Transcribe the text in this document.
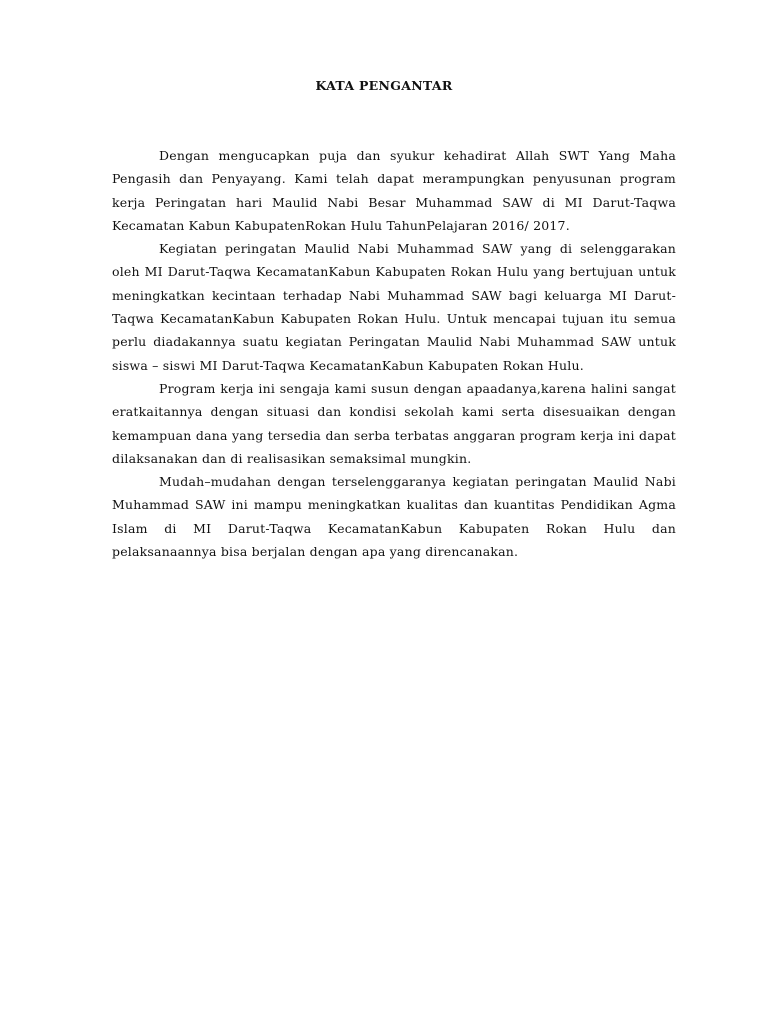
KATA PENGANTAR

Dengan mengucapkan puja dan syukur kehadirat Allah SWT Yang Maha Pengasih dan Penyayang. Kami telah dapat merampungkan penyusunan program kerja Peringatan hari Maulid Nabi Besar Muhammad SAW di MI Darut-Taqwa Kecamatan Kabun KabupatenRokan Hulu TahunPelajaran 2016/ 2017.

Kegiatan peringatan Maulid Nabi Muhammad SAW yang di selenggarakan oleh MI Darut-Taqwa KecamatanKabun Kabupaten Rokan Hulu yang bertujuan untuk meningkatkan kecintaan terhadap Nabi Muhammad SAW bagi keluarga MI Darut-Taqwa KecamatanKabun Kabupaten Rokan Hulu. Untuk mencapai tujuan itu semua perlu diadakannya suatu kegiatan Peringatan Maulid Nabi Muhammad SAW untuk siswa – siswi MI Darut-Taqwa KecamatanKabun Kabupaten Rokan Hulu.

Program kerja ini sengaja kami susun dengan apaadanya,karena halini sangat eratkaitannya dengan situasi dan kondisi sekolah kami serta disesuaikan dengan kemampuan dana yang tersedia dan serba terbatas anggaran program kerja ini dapat dilaksanakan dan di realisasikan semaksimal mungkin.

Mudah–mudahan dengan terselenggaranya kegiatan peringatan Maulid Nabi Muhammad SAW ini mampu meningkatkan kualitas dan kuantitas Pendidikan Agma Islam di MI Darut-Taqwa KecamatanKabun Kabupaten Rokan Hulu dan pelaksanaannya bisa berjalan dengan apa yang direncanakan.
